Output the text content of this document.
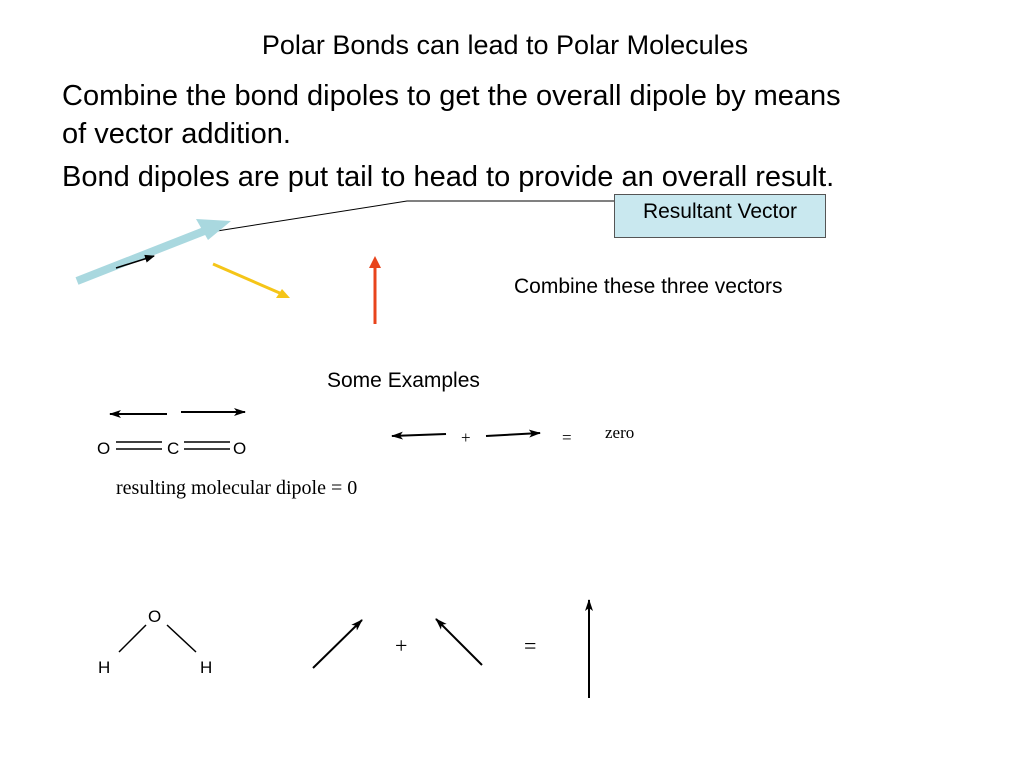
Polar Bonds can lead to Polar Molecules
Combine the bond dipoles to get the overall dipole by means
of vector addition.
Bond dipoles are put tail to head to provide an overall result.
Resultant Vector
Combine these three vectors
Some Examples
O	C	O
+	= zero
resulting molecular dipole = 0
O
H	H
+	=
